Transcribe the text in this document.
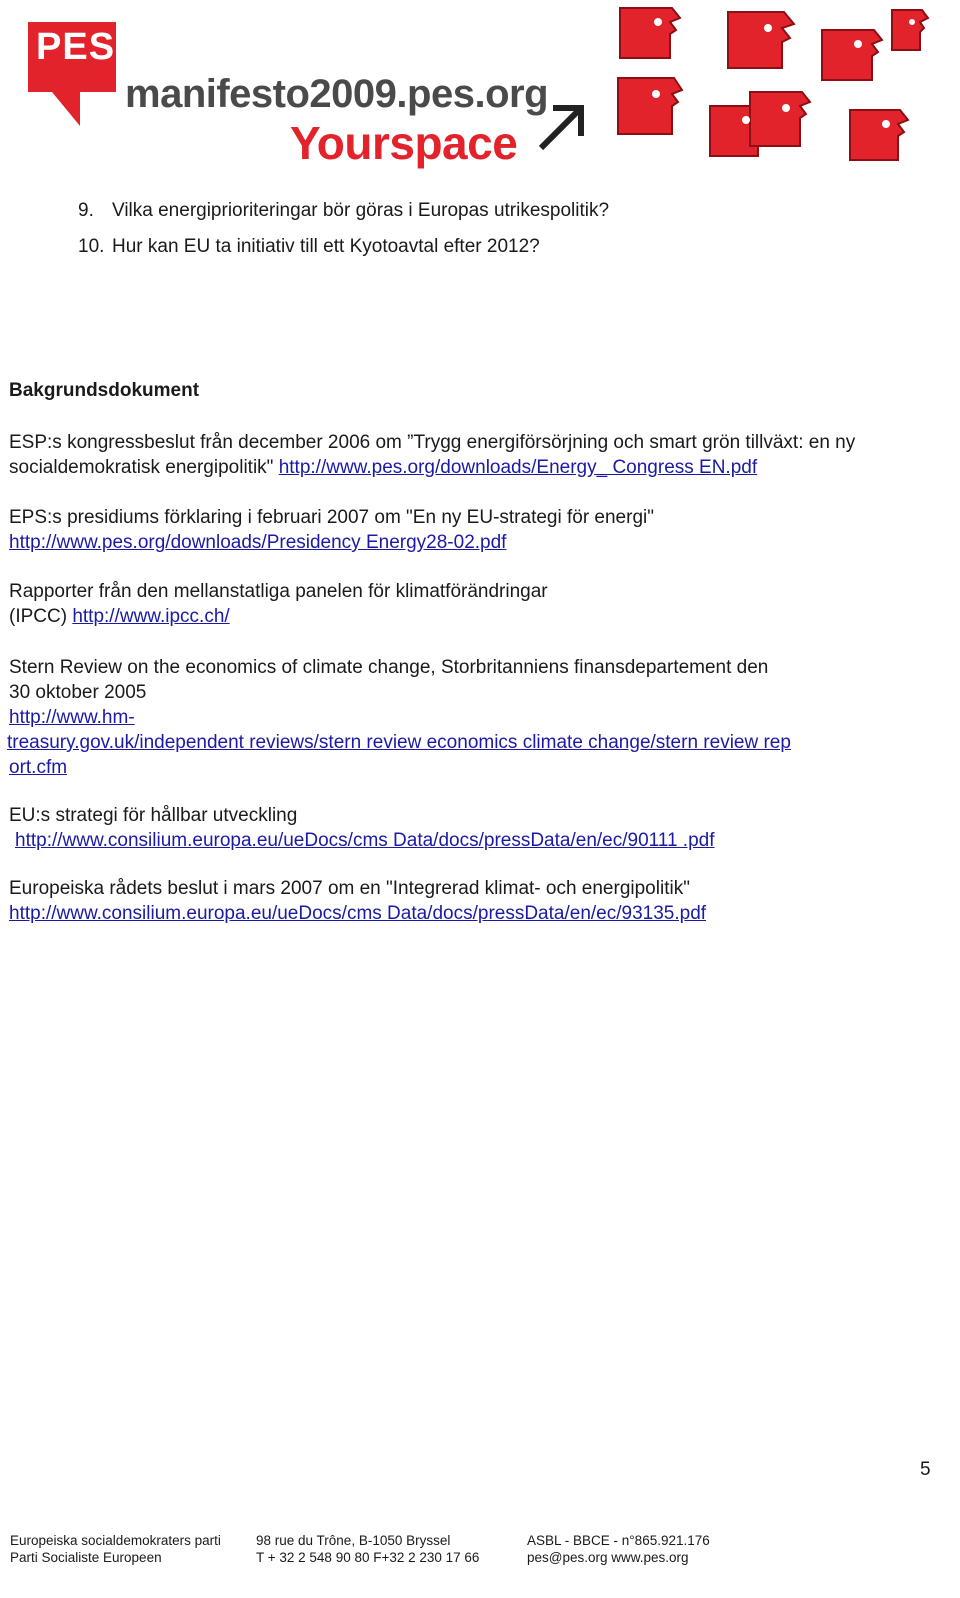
PES
manifesto2009.pes.org
Yourspace
9. Vilka energiprioriteringar bör göras i Europas utrikespolitik?
10. Hur kan EU ta initiativ till ett Kyotoavtal efter 2012?
Bakgrundsdokument
ESP:s kongressbeslut från december 2006 om ”Trygg energiförsörjning och smart grön tillväxt: en ny
socialdemokratisk energipolitik" http://www.pes.org/downloads/Energy_ Congress EN.pdf
EPS:s presidiums förklaring i februari 2007 om "En ny EU-strategi för energi"
http://www.pes.org/downloads/Presidency Energy28-02.pdf
Rapporter från den mellanstatliga panelen för klimatförändringar
(IPCC) http://www.ipcc.ch/
Stern Review on the economics of climate change, Storbritanniens finansdepartement den
30 oktober 2005
http://www.hm-
treasury.gov.uk/independent reviews/stern review economics climate change/stern review rep
ort.cfm
EU:s strategi för hållbar utveckling
http://www.consilium.europa.eu/ueDocs/cms Data/docs/pressData/en/ec/90111 .pdf
Europeiska rådets beslut i mars 2007 om en "Integrerad klimat- och energipolitik"
http://www.consilium.europa.eu/ueDocs/cms Data/docs/pressData/en/ec/93135.pdf
5
Europeiska socialdemokraters parti
Parti Socialiste Europeen
98 rue du Trône, B-1050 Bryssel
T + 32 2 548 90 80 F+32 2 230 17 66
ASBL - BBCE - n°865.921.176
pes@pes.org www.pes.org
